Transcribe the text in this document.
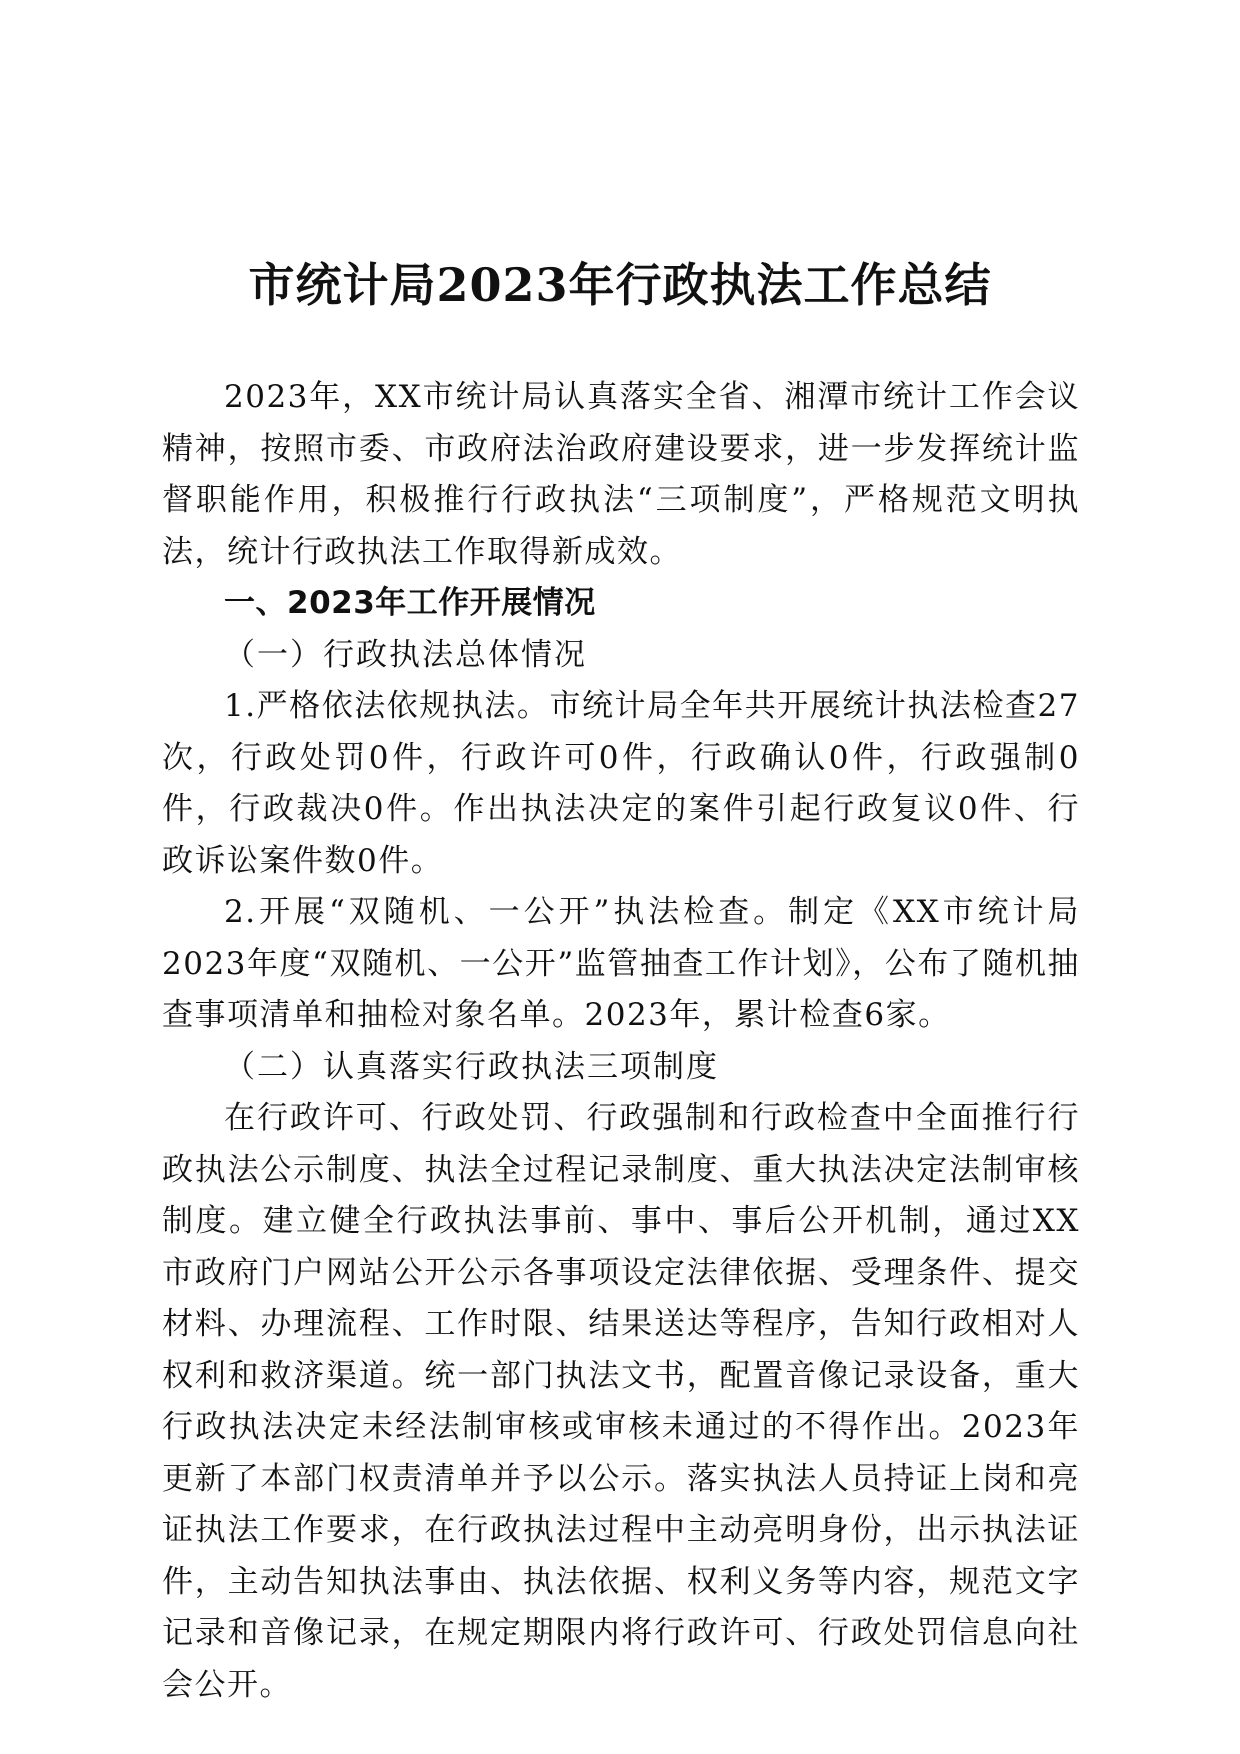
市统计局2023年行政执法工作总结

2023年，XX市统计局认真落实全省、湘潭市统计工作会议精神，按照市委、市政府法治政府建设要求，进一步发挥统计监督职能作用，积极推行行政执法“三项制度”，严格规范文明执法，统计行政执法工作取得新成效。

一、2023年工作开展情况

（一）行政执法总体情况

1.严格依法依规执法。市统计局全年共开展统计执法检查27次，行政处罚0件，行政许可0件，行政确认0件，行政强制0件，行政裁决0件。作出执法决定的案件引起行政复议0件、行政诉讼案件数0件。

2.开展“双随机、一公开”执法检查。制定《XX市统计局2023年度“双随机、一公开”监管抽查工作计划》，公布了随机抽查事项清单和抽检对象名单。2023年，累计检查6家。

（二）认真落实行政执法三项制度

在行政许可、行政处罚、行政强制和行政检查中全面推行行政执法公示制度、执法全过程记录制度、重大执法决定法制审核制度。建立健全行政执法事前、事中、事后公开机制，通过XX市政府门户网站公开公示各事项设定法律依据、受理条件、提交材料、办理流程、工作时限、结果送达等程序，告知行政相对人权利和救济渠道。统一部门执法文书，配置音像记录设备，重大行政执法决定未经法制审核或审核未通过的不得作出。2023年更新了本部门权责清单并予以公示。落实执法人员持证上岗和亮证执法工作要求，在行政执法过程中主动亮明身份，出示执法证件，主动告知执法事由、执法依据、权利义务等内容，规范文字记录和音像记录，在规定期限内将行政许可、行政处罚信息向社会公开。
